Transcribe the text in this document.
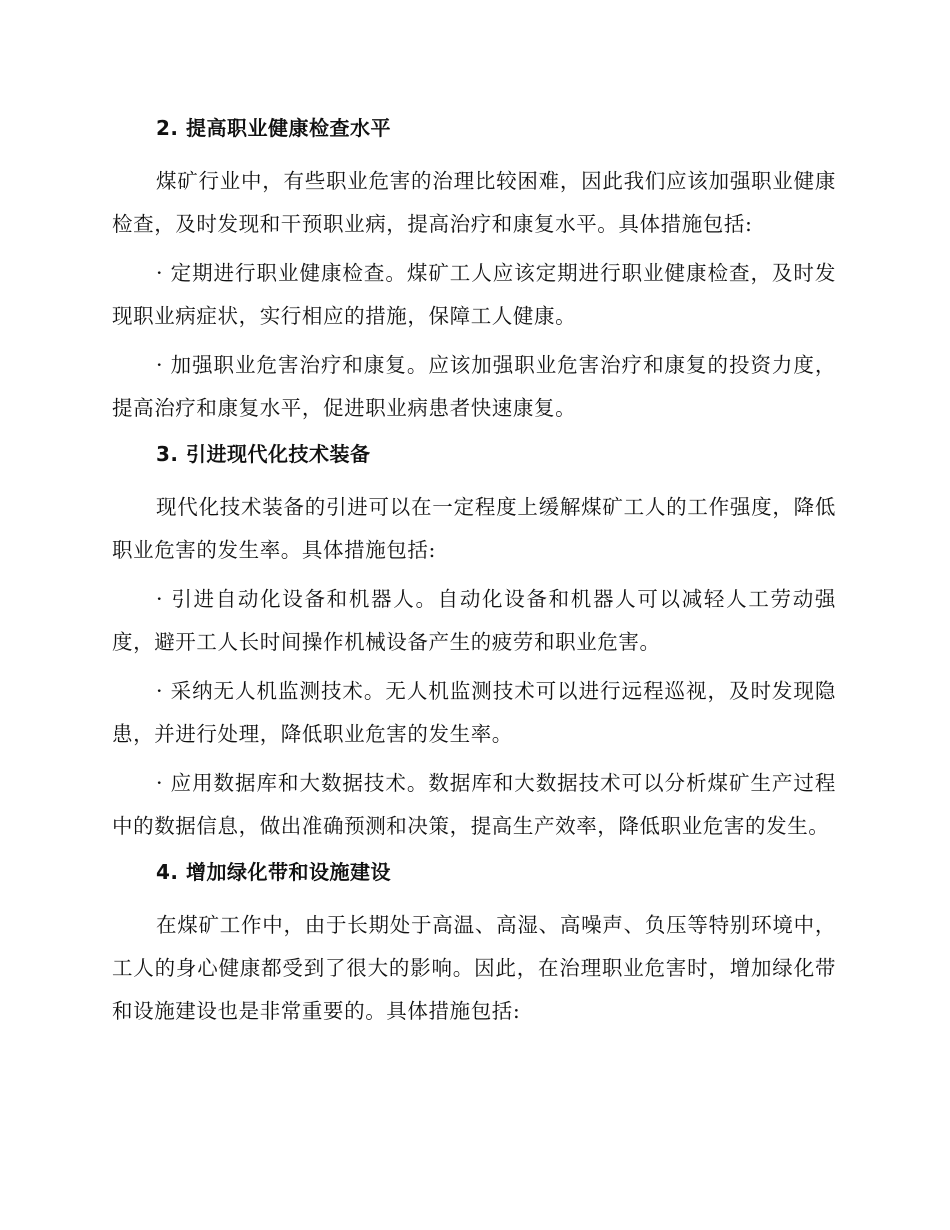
2. 提高职业健康检查水平

煤矿行业中，有些职业危害的治理比较困难，因此我们应该加强职业健康检查，及时发现和干预职业病，提高治疗和康复水平。具体措施包括:

· 定期进行职业健康检查。煤矿工人应该定期进行职业健康检查，及时发现职业病症状，实行相应的措施，保障工人健康。

· 加强职业危害治疗和康复。应该加强职业危害治疗和康复的投资力度，提高治疗和康复水平，促进职业病患者快速康复。

3. 引进现代化技术装备

现代化技术装备的引进可以在一定程度上缓解煤矿工人的工作强度，降低职业危害的发生率。具体措施包括:

· 引进自动化设备和机器人。自动化设备和机器人可以减轻人工劳动强度，避开工人长时间操作机械设备产生的疲劳和职业危害。

· 采纳无人机监测技术。无人机监测技术可以进行远程巡视，及时发现隐患，并进行处理，降低职业危害的发生率。

· 应用数据库和大数据技术。数据库和大数据技术可以分析煤矿生产过程中的数据信息，做出准确预测和决策，提高生产效率，降低职业危害的发生。

4. 增加绿化带和设施建设

在煤矿工作中，由于长期处于高温、高湿、高噪声、负压等特别环境中，工人的身心健康都受到了很大的影响。因此，在治理职业危害时，增加绿化带和设施建设也是非常重要的。具体措施包括:
